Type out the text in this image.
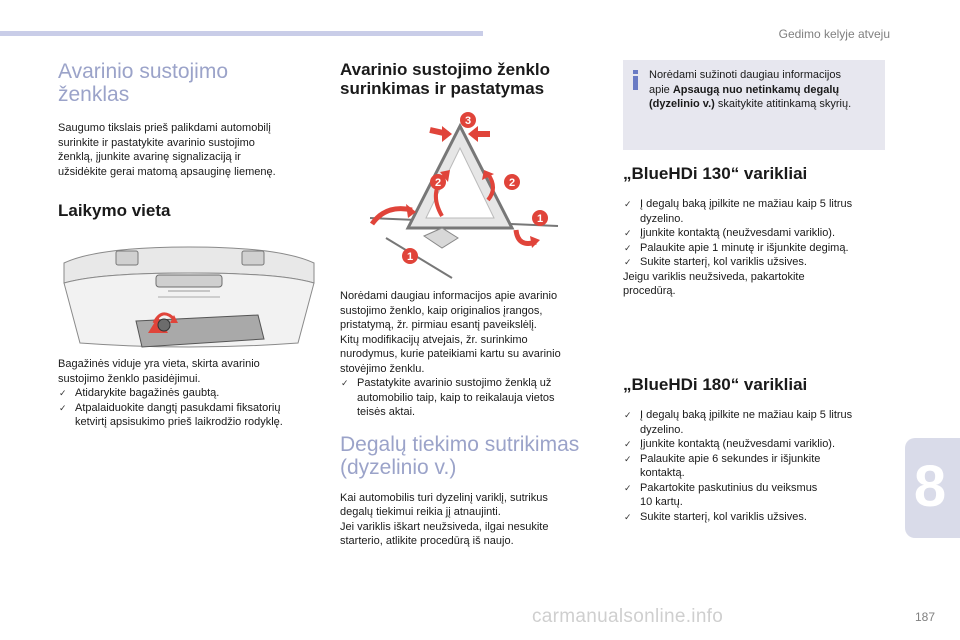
Gedimo kelyje atveju
Avarinio sustojimo
ženklas
Saugumo tikslais prieš palikdami automobilį
surinkite ir pastatykite avarinio sustojimo
ženklą, įjunkite avarinę signalizaciją ir
užsidėkite gerai matomą apsauginę liemenę.
Laikymo vieta
Bagažinės viduje yra vieta, skirta avarinio
sustojimo ženklo pasidėjimui.
✓ Atidarykite bagažinės gaubtą.
✓ Atpalaiduokite dangtį pasukdami fiksatorių
ketvirtį apsisukimo prieš laikrodžio rodyklę.
Avarinio sustojimo ženklo
surinkimas ir pastatymas
3
2	2
1
1
Norėdami daugiau informacijos apie avarinio
sustojimo ženklo, kaip originalios įrangos,
pristatymą, žr. pirmiau esantį paveikslėlį.
Kitų modifikacijų atvejais, žr. surinkimo
nurodymus, kurie pateikiami kartu su avarinio
stovėjimo ženklu.
✓ Pastatykite avarinio sustojimo ženklą už
automobilio taip, kaip to reikalauja vietos
teisės aktai.
Degalų tiekimo sutrikimas
(dyzelinio v.)
Kai automobilis turi dyzelinį variklį, sutrikus
degalų tiekimui reikia jį atnaujinti.
Jei variklis iškart neužsiveda, ilgai nesukite
starterio, atlikite procedūrą iš naujo.
Norėdami sužinoti daugiau informacijos
apie Apsaugą nuo netinkamų degalų
(dyzelinio v.) skaitykite atitinkamą skyrių.
„BlueHDi 130“ varikliai
✓ Į degalų baką įpilkite ne mažiau kaip 5 litrus
dyzelino.
✓ Įjunkite kontaktą (neužvesdami variklio).
✓ Palaukite apie 1 minutę ir išjunkite degimą.
✓ Sukite starterį, kol variklis užsives.
Jeigu variklis neužsiveda, pakartokite
procedūrą.
„BlueHDi 180“ varikliai
✓ Į degalų baką įpilkite ne mažiau kaip 5 litrus
dyzelino.
✓ Įjunkite kontaktą (neužvesdami variklio).
✓ Palaukite apie 6 sekundes ir išjunkite
kontaktą.
✓ Pakartokite paskutinius du veiksmus
10 kartų.
✓ Sukite starterį, kol variklis užsives.	8
carmanualsonline.info	187
